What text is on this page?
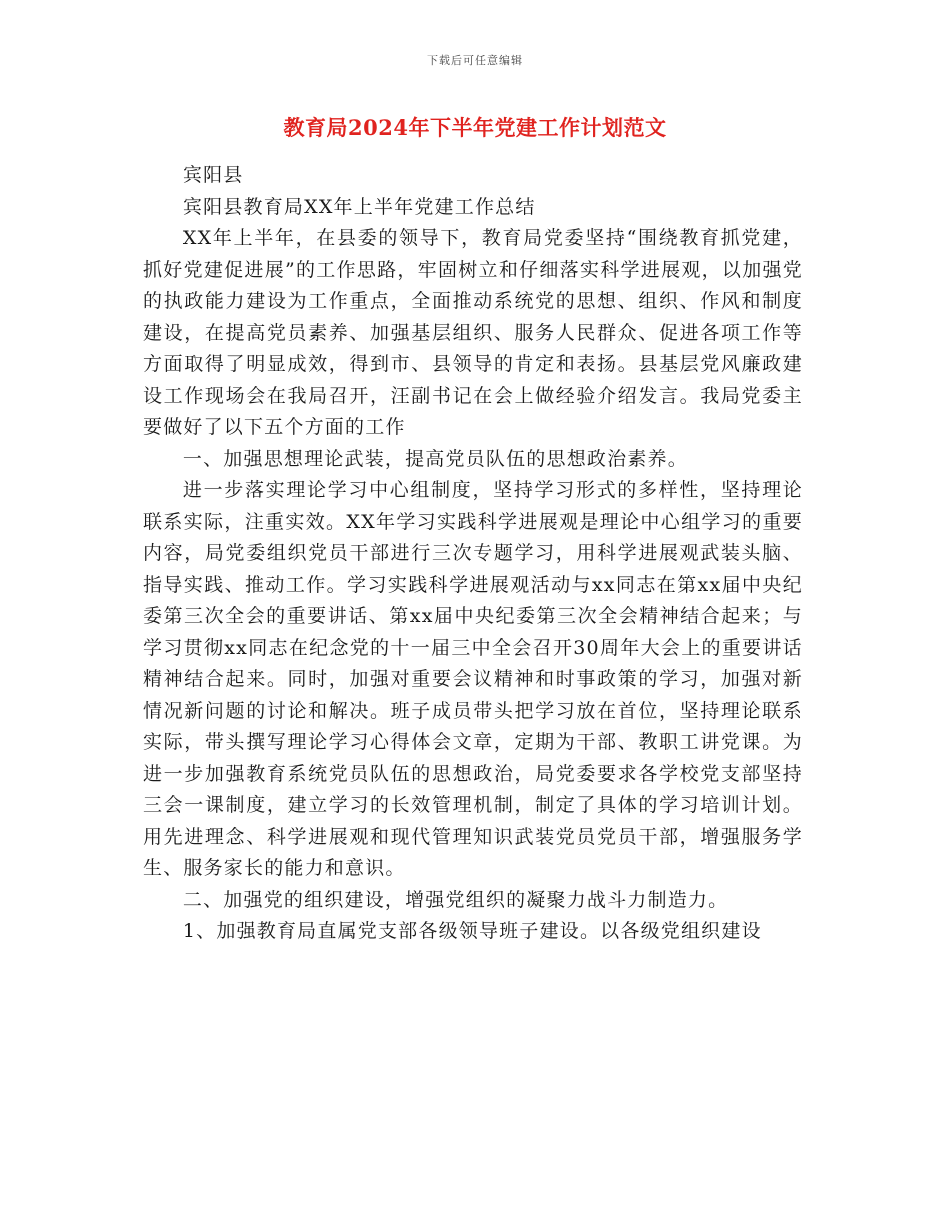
下载后可任意编辑
教育局2024年下半年党建工作计划范文

宾阳县

宾阳县教育局XX年上半年党建工作总结

XX年上半年，在县委的领导下，教育局党委坚持“围绕教育抓党建，抓好党建促进展”的工作思路，牢固树立和仔细落实科学进展观，以加强党的执政能力建设为工作重点，全面推动系统党的思想、组织、作风和制度建设，在提高党员素养、加强基层组织、服务人民群众、促进各项工作等方面取得了明显成效，得到市、县领导的肯定和表扬。县基层党风廉政建设工作现场会在我局召开，汪副书记在会上做经验介绍发言。我局党委主要做好了以下五个方面的工作

一、加强思想理论武装，提高党员队伍的思想政治素养。

进一步落实理论学习中心组制度，坚持学习形式的多样性，坚持理论联系实际，注重实效。XX年学习实践科学进展观是理论中心组学习的重要内容，局党委组织党员干部进行三次专题学习，用科学进展观武装头脑、指导实践、推动工作。学习实践科学进展观活动与xx同志在第xx届中央纪委第三次全会的重要讲话、第xx届中央纪委第三次全会精神结合起来；与学习贯彻xx同志在纪念党的十一届三中全会召开30周年大会上的重要讲话精神结合起来。同时，加强对重要会议精神和时事政策的学习，加强对新情况新问题的讨论和解决。班子成员带头把学习放在首位，坚持理论联系实际，带头撰写理论学习心得体会文章，定期为干部、教职工讲党课。为进一步加强教育系统党员队伍的思想政治，局党委要求各学校党支部坚持三会一课制度，建立学习的长效管理机制，制定了具体的学习培训计划。用先进理念、科学进展观和现代管理知识武装党员党员干部，增强服务学生、服务家长的能力和意识。

二、加强党的组织建设，增强党组织的凝聚力战斗力制造力。

1、加强教育局直属党支部各级领导班子建设。以各级党组织建设
